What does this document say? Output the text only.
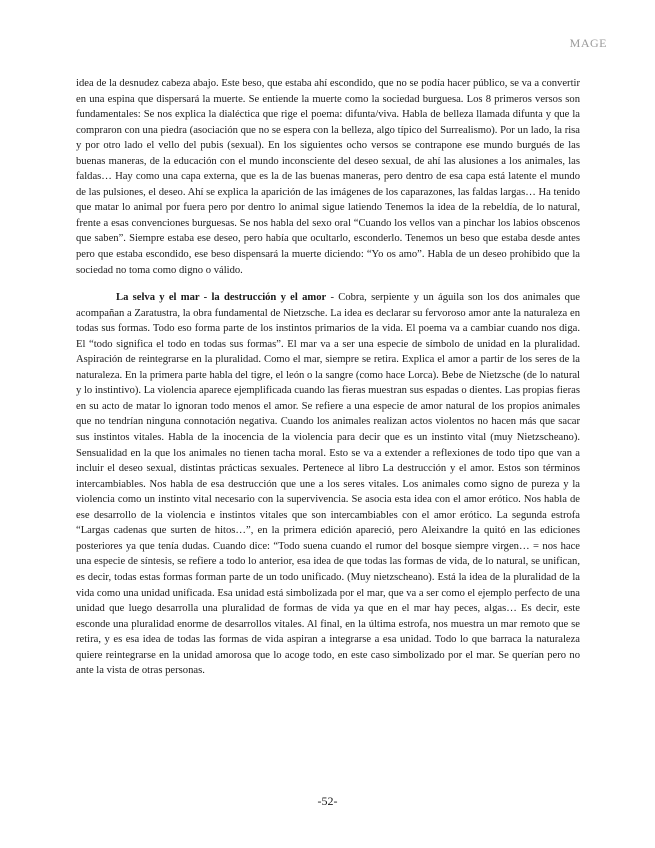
MAGE

idea de la desnudez cabeza abajo. Este beso, que estaba ahí escondido, que no se podía hacer público, se va a convertir en una espina que dispersará la muerte. Se entiende la muerte como la sociedad burguesa. Los 8 primeros versos son fundamentales: Se nos explica la dialéctica que rige el poema: difunta/viva. Habla de belleza llamada difunta y que la compraron con una piedra (asociación que no se espera con la belleza, algo típico del Surrealismo). Por un lado, la risa y por otro lado el vello del pubis (sexual). En los siguientes ocho versos se contrapone ese mundo burgués de las buenas maneras, de la educación con el mundo inconsciente del deseo sexual, de ahí las alusiones a los animales, las faldas… Hay como una capa externa, que es la de las buenas maneras, pero dentro de esa capa está latente el mundo de las pulsiones, el deseo. Ahí se explica la aparición de las imágenes de los caparazones, las faldas largas… Ha tenido que matar lo animal por fuera pero por dentro lo animal sigue latiendo Tenemos la idea de la rebeldía, de lo natural, frente a esas convenciones burguesas. Se nos habla del sexo oral “Cuando los vellos van a pinchar los labios obscenos que saben”. Siempre estaba ese deseo, pero había que ocultarlo, esconderlo. Tenemos un beso que estaba desde antes pero que estaba escondido, ese beso dispensará la muerte diciendo: “Yo os amo”. Habla de un deseo prohibido que la sociedad no toma como digno o válido.

La selva y el mar - la destrucción y el amor - Cobra, serpiente y un águila son los dos animales que acompañan a Zaratustra, la obra fundamental de Nietzsche. La idea es declarar su fervoroso amor ante la naturaleza en todas sus formas. Todo eso forma parte de los instintos primarios de la vida. El poema va a cambiar cuando nos diga. El “todo significa el todo en todas sus formas”. El mar va a ser una especie de símbolo de unidad en la pluralidad. Aspiración de reintegrarse en la pluralidad. Como el mar, siempre se retira. Explica el amor a partir de los seres de la naturaleza. En la primera parte habla del tigre, el león o la sangre (como hace Lorca). Bebe de Nietzsche (de lo natural y lo instintivo). La violencia aparece ejemplificada cuando las fieras muestran sus espadas o dientes. Las propias fieras en su acto de matar lo ignoran todo menos el amor. Se refiere a una especie de amor natural de los propios animales que no tendrían ninguna connotación negativa. Cuando los animales realizan actos violentos no hacen más que sacar sus instintos vitales. Habla de la inocencia de la violencia para decir que es un instinto vital (muy Nietzscheano). Sensualidad en la que los animales no tienen tacha moral. Esto se va a extender a reflexiones de todo tipo que van a incluir el deseo sexual, distintas prácticas sexuales. Pertenece al libro La destrucción y el amor. Estos son términos intercambiables. Nos habla de esa destrucción que une a los seres vitales. Los animales como signo de pureza y la violencia como un instinto vital necesario con la supervivencia. Se asocia esta idea con el amor erótico. Nos habla de ese desarrollo de la violencia e instintos vitales que son intercambiables con el amor erótico. La segunda estrofa “Largas cadenas que surten de hitos…”, en la primera edición apareció, pero Aleixandre la quitó en las ediciones posteriores ya que tenía dudas. Cuando dice: “Todo suena cuando el rumor del bosque siempre virgen… = nos hace una especie de síntesis, se refiere a todo lo anterior, esa idea de que todas las formas de vida, de lo natural, se unifican, es decir, todas estas formas forman parte de un todo unificado. (Muy nietzscheano). Está la idea de la pluralidad de la vida como una unidad unificada. Esa unidad está simbolizada por el mar, que va a ser como el ejemplo perfecto de una unidad que luego desarrolla una pluralidad de formas de vida ya que en el mar hay peces, algas… Es decir, este esconde una pluralidad enorme de desarrollos vitales. Al final, en la última estrofa, nos muestra un mar remoto que se retira, y es esa idea de todas las formas de vida aspiran a integrarse a esa unidad. Todo lo que barraca la naturaleza quiere reintegrarse en la unidad amorosa que lo acoge todo, en este caso simbolizado por el mar. Se querían pero no ante la vista de otras personas.

-52-
